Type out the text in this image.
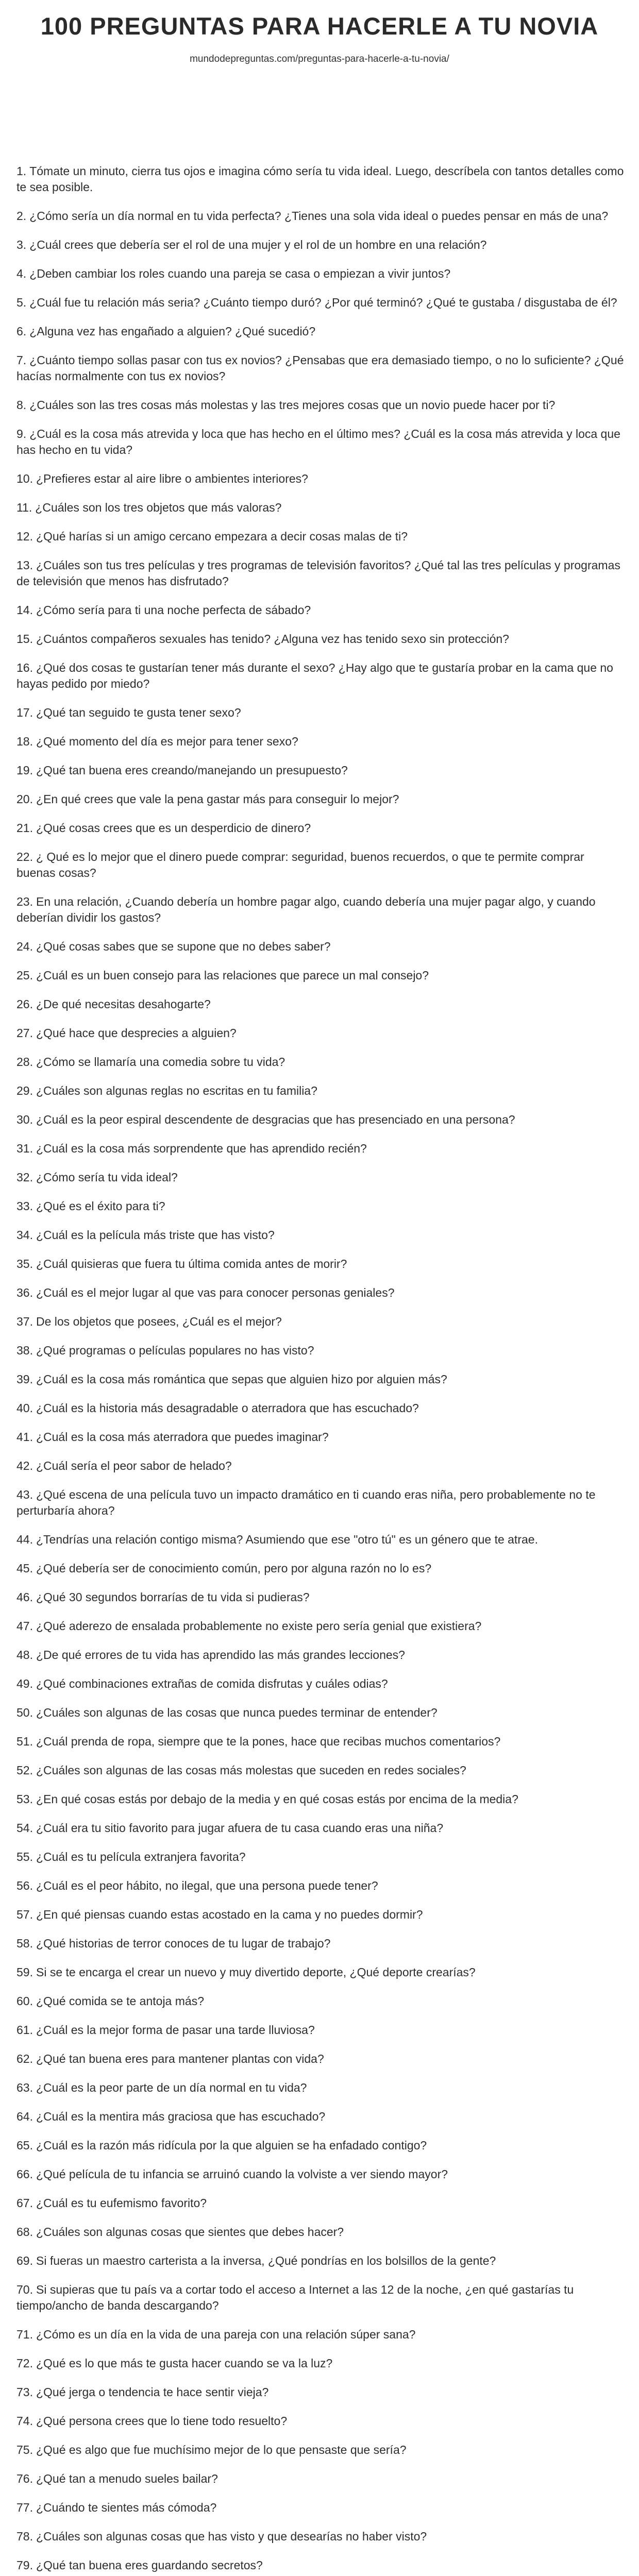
100 PREGUNTAS PARA HACERLE A TU NOVIA
mundodepreguntas.com/preguntas-para-hacerle-a-tu-novia/
1. Tómate un minuto, cierra tus ojos e imagina cómo sería tu vida ideal. Luego, descríbela con tantos detalles como te sea posible.
2. ¿Cómo sería un día normal en tu vida perfecta? ¿Tienes una sola vida ideal o puedes pensar en más de una?
3. ¿Cuál crees que debería ser el rol de una mujer y el rol de un hombre en una relación?
4. ¿Deben cambiar los roles cuando una pareja se casa o empiezan a vivir juntos?
5. ¿Cuál fue tu relación más seria? ¿Cuánto tiempo duró? ¿Por qué terminó? ¿Qué te gustaba / disgustaba de él?
6. ¿Alguna vez has engañado a alguien? ¿Qué sucedió?
7. ¿Cuánto tiempo sollas pasar con tus ex novios? ¿Pensabas que era demasiado tiempo, o no lo suficiente? ¿Qué hacías normalmente con tus ex novios?
8. ¿Cuáles son las tres cosas más molestas y las tres mejores cosas que un novio puede hacer por ti?
9. ¿Cuál es la cosa más atrevida y loca que has hecho en el último mes? ¿Cuál es la cosa más atrevida y loca que has hecho en tu vida?
10. ¿Prefieres estar al aire libre o ambientes interiores?
11. ¿Cuáles son los tres objetos que más valoras?
12. ¿Qué harías si un amigo cercano empezara a decir cosas malas de ti?
13. ¿Cuáles son tus tres películas y tres programas de televisión favoritos? ¿Qué tal las tres películas y programas de televisión que menos has disfrutado?
14. ¿Cómo sería para ti una noche perfecta de sábado?
15. ¿Cuántos compañeros sexuales has tenido? ¿Alguna vez has tenido sexo sin protección?
16. ¿Qué dos cosas te gustarían tener más durante el sexo? ¿Hay algo que te gustaría probar en la cama que no hayas pedido por miedo?
17. ¿Qué tan seguido te gusta tener sexo?
18. ¿Qué momento del día es mejor para tener sexo?
19. ¿Qué tan buena eres creando/manejando un presupuesto?
20. ¿En qué crees que vale la pena gastar más para conseguir lo mejor?
21. ¿Qué cosas crees que es un desperdicio de dinero?
22. ¿ Qué es lo mejor que el dinero puede comprar: seguridad, buenos recuerdos, o que te permite comprar buenas cosas?
23. En una relación, ¿Cuando debería un hombre pagar algo, cuando debería una mujer pagar algo, y cuando deberían dividir los gastos?
24. ¿Qué cosas sabes que se supone que no debes saber?
25. ¿Cuál es un buen consejo para las relaciones que parece un mal consejo?
26. ¿De qué necesitas desahogarte?
27. ¿Qué hace que desprecies a alguien?
28. ¿Cómo se llamaría una comedia sobre tu vida?
29. ¿Cuáles son algunas reglas no escritas en tu familia?
30. ¿Cuál es la peor espiral descendente de desgracias que has presenciado en una persona?
31. ¿Cuál es la cosa más sorprendente que has aprendido recién?
32. ¿Cómo sería tu vida ideal?
33. ¿Qué es el éxito para ti?
34. ¿Cuál es la película más triste que has visto?
35. ¿Cuál quisieras que fuera tu última comida antes de morir?
36. ¿Cuál es el mejor lugar al que vas para conocer personas geniales?
37. De los objetos que posees, ¿Cuál es el mejor?
38. ¿Qué programas o películas populares no has visto?
39. ¿Cuál es la cosa más romántica que sepas que alguien hizo por alguien más?
40. ¿Cuál es la historia más desagradable o aterradora que has escuchado?
41. ¿Cuál es la cosa más aterradora que puedes imaginar?
42. ¿Cuál sería el peor sabor de helado?
43. ¿Qué escena de una película tuvo un impacto dramático en ti cuando eras niña, pero probablemente no te perturbaría ahora?
44. ¿Tendrías una relación contigo misma? Asumiendo que ese "otro tú" es un género que te atrae.
45. ¿Qué debería ser de conocimiento común, pero por alguna razón no lo es?
46. ¿Qué 30 segundos borrarías de tu vida si pudieras?
47. ¿Qué aderezo de ensalada probablemente no existe pero sería genial que existiera?
48. ¿De qué errores de tu vida has aprendido las más grandes lecciones?
49. ¿Qué combinaciones extrañas de comida disfrutas y cuáles odias?
50. ¿Cuáles son algunas de las cosas que nunca puedes terminar de entender?
51. ¿Cuál prenda de ropa, siempre que te la pones, hace que recibas muchos comentarios?
52. ¿Cuáles son algunas de las cosas más molestas que suceden en redes sociales?
53. ¿En qué cosas estás por debajo de la media y en qué cosas estás por encima de la media?
54. ¿Cuál era tu sitio favorito para jugar afuera de tu casa cuando eras una niña?
55. ¿Cuál es tu película extranjera favorita?
56. ¿Cuál es el peor hábito, no ilegal, que una persona puede tener?
57. ¿En qué piensas cuando estas acostado en la cama y no puedes dormir?
58. ¿Qué historias de terror conoces de tu lugar de trabajo?
59. Si se te encarga el crear un nuevo y muy divertido deporte, ¿Qué deporte crearías?
60. ¿Qué comida se te antoja más?
61. ¿Cuál es la mejor forma de pasar una tarde lluviosa?
62. ¿Qué tan buena eres para mantener plantas con vida?
63. ¿Cuál es la peor parte de un día normal en tu vida?
64. ¿Cuál es la mentira más graciosa que has escuchado?
65. ¿Cuál es la razón más ridícula por la que alguien se ha enfadado contigo?
66. ¿Qué película de tu infancia se arruinó cuando la volviste a ver siendo mayor?
67. ¿Cuál es tu eufemismo favorito?
68. ¿Cuáles son algunas cosas que sientes que debes hacer?
69. Si fueras un maestro carterista a la inversa, ¿Qué pondrías en los bolsillos de la gente?
70. Si supieras que tu país va a cortar todo el acceso a Internet a las 12 de la noche, ¿en qué gastarías tu tiempo/ancho de banda descargando?
71. ¿Cómo es un día en la vida de una pareja con una relación súper sana?
72. ¿Qué es lo que más te gusta hacer cuando se va la luz?
73. ¿Qué jerga o tendencia te hace sentir vieja?
74. ¿Qué persona crees que lo tiene todo resuelto?
75. ¿Qué es algo que fue muchísimo mejor de lo que pensaste que sería?
76. ¿Qué tan a menudo sueles bailar?
77. ¿Cuándo te sientes más cómoda?
78. ¿Cuáles son algunas cosas que has visto y que desearías no haber visto?
79. ¿Qué tan buena eres guardando secretos?
